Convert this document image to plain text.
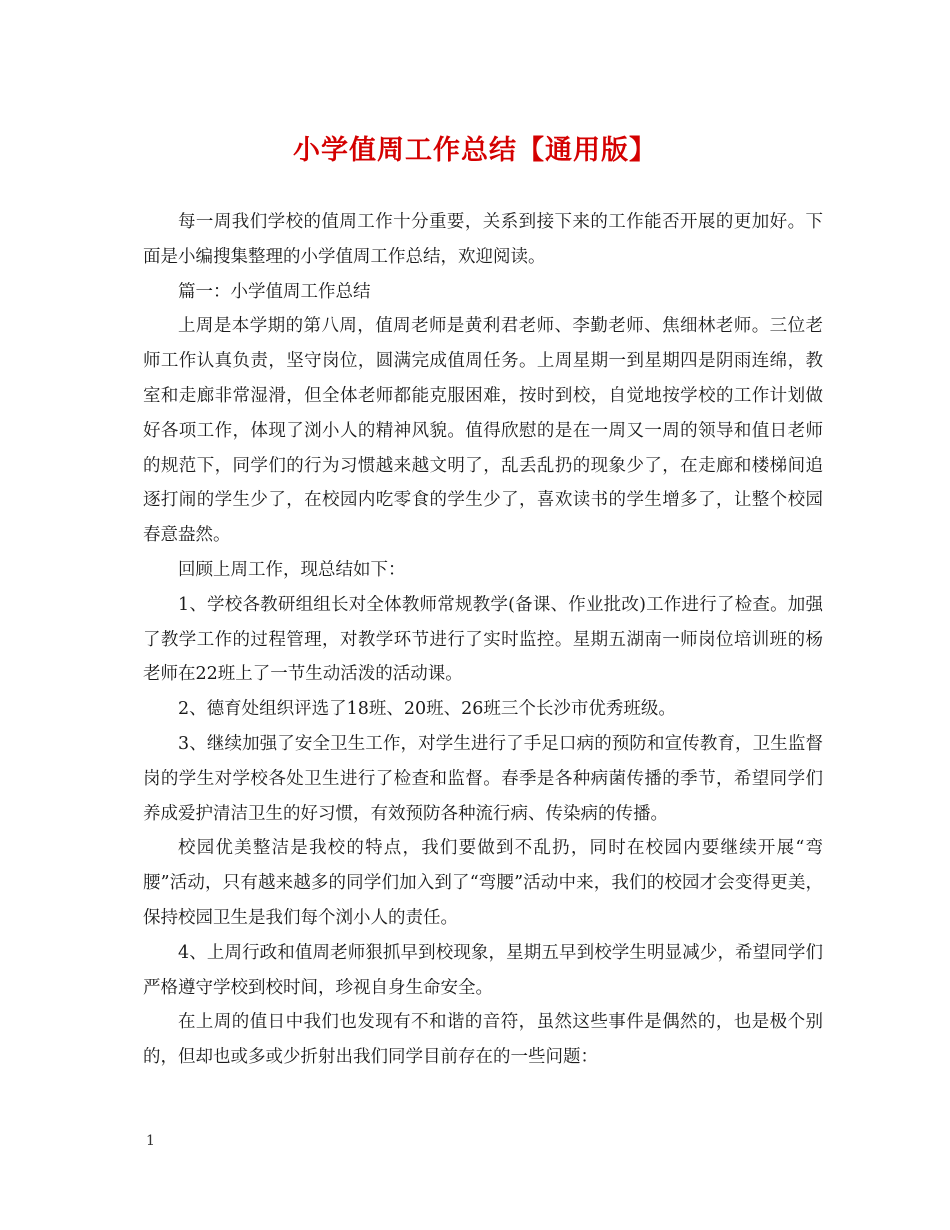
小学值周工作总结【通用版】

每一周我们学校的值周工作十分重要，关系到接下来的工作能否开展的更加好。下面是小编搜集整理的小学值周工作总结，欢迎阅读。

篇一：小学值周工作总结

上周是本学期的第八周，值周老师是黄利君老师、李勤老师、焦细林老师。三位老师工作认真负责，坚守岗位，圆满完成值周任务。上周星期一到星期四是阴雨连绵，教室和走廊非常湿滑，但全体老师都能克服困难，按时到校，自觉地按学校的工作计划做好各项工作，体现了浏小人的精神风貌。值得欣慰的是在一周又一周的领导和值日老师的规范下，同学们的行为习惯越来越文明了，乱丢乱扔的现象少了，在走廊和楼梯间追逐打闹的学生少了，在校园内吃零食的学生少了，喜欢读书的学生增多了，让整个校园春意盎然。

回顾上周工作，现总结如下：

1、学校各教研组组长对全体教师常规教学(备课、作业批改)工作进行了检查。加强了教学工作的过程管理，对教学环节进行了实时监控。星期五湖南一师岗位培训班的杨老师在22班上了一节生动活泼的活动课。

2、德育处组织评选了18班、20班、26班三个长沙市优秀班级。

3、继续加强了安全卫生工作，对学生进行了手足口病的预防和宣传教育，卫生监督岗的学生对学校各处卫生进行了检查和监督。春季是各种病菌传播的季节，希望同学们养成爱护清洁卫生的好习惯，有效预防各种流行病、传染病的传播。

校园优美整洁是我校的特点，我们要做到不乱扔，同时在校园内要继续开展“弯腰”活动，只有越来越多的同学们加入到了“弯腰”活动中来，我们的校园才会变得更美，保持校园卫生是我们每个浏小人的责任。

4、上周行政和值周老师狠抓早到校现象，星期五早到校学生明显减少，希望同学们严格遵守学校到校时间，珍视自身生命安全。

在上周的值日中我们也发现有不和谐的音符，虽然这些事件是偶然的，也是极个别的，但却也或多或少折射出我们同学目前存在的一些问题：

1
